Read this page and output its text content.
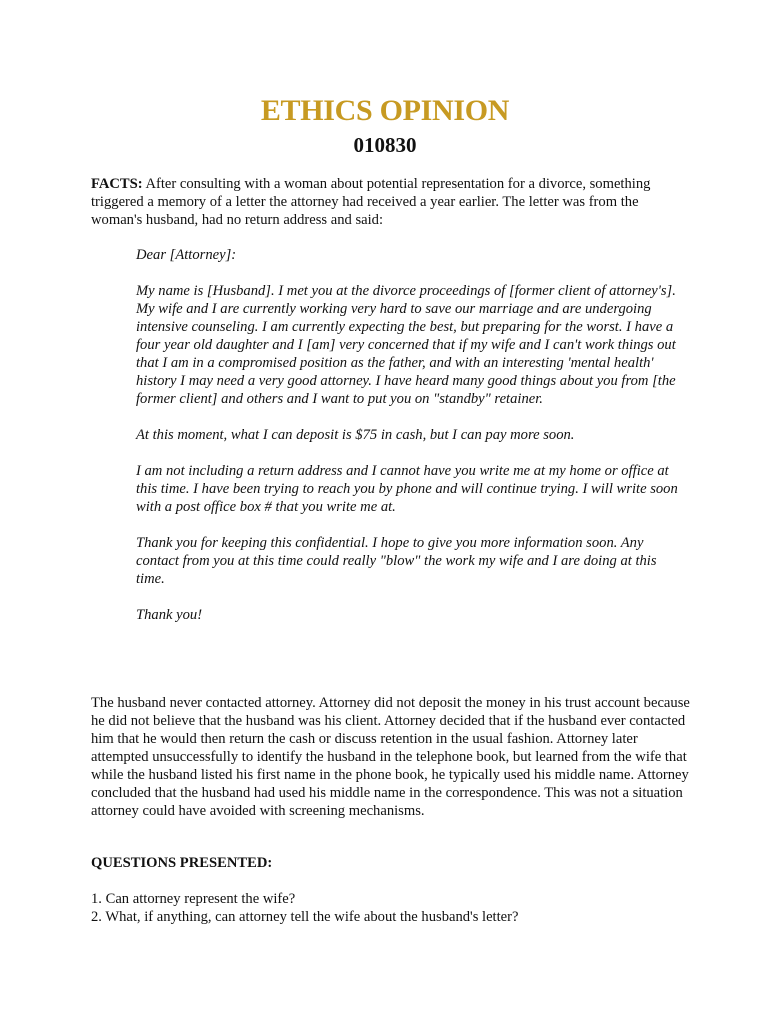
ETHICS OPINION
010830

FACTS: After consulting with a woman about potential representation for a divorce, something triggered a memory of a letter the attorney had received a year earlier. The letter was from the woman's husband, had no return address and said:

Dear [Attorney]:

My name is [Husband]. I met you at the divorce proceedings of [former client of attorney's]. My wife and I are currently working very hard to save our marriage and are undergoing intensive counseling. I am currently expecting the best, but preparing for the worst. I have a four year old daughter and I [am] very concerned that if my wife and I can't work things out that I am in a compromised position as the father, and with an interesting 'mental health' history I may need a very good attorney. I have heard many good things about you from [the former client] and others and I want to put you on "standby" retainer.

At this moment, what I can deposit is $75 in cash, but I can pay more soon.

I am not including a return address and I cannot have you write me at my home or office at this time. I have been trying to reach you by phone and will continue trying. I will write soon with a post office box # that you write me at.

Thank you for keeping this confidential. I hope to give you more information soon. Any contact from you at this time could really "blow" the work my wife and I are doing at this time.

Thank you!

The husband never contacted attorney. Attorney did not deposit the money in his trust account because he did not believe that the husband was his client. Attorney decided that if the husband ever contacted him that he would then return the cash or discuss retention in the usual fashion. Attorney later attempted unsuccessfully to identify the husband in the telephone book, but learned from the wife that while the husband listed his first name in the phone book, he typically used his middle name. Attorney concluded that the husband had used his middle name in the correspondence. This was not a situation attorney could have avoided with screening mechanisms.

QUESTIONS PRESENTED:

1. Can attorney represent the wife?
2. What, if anything, can attorney tell the wife about the husband's letter?
